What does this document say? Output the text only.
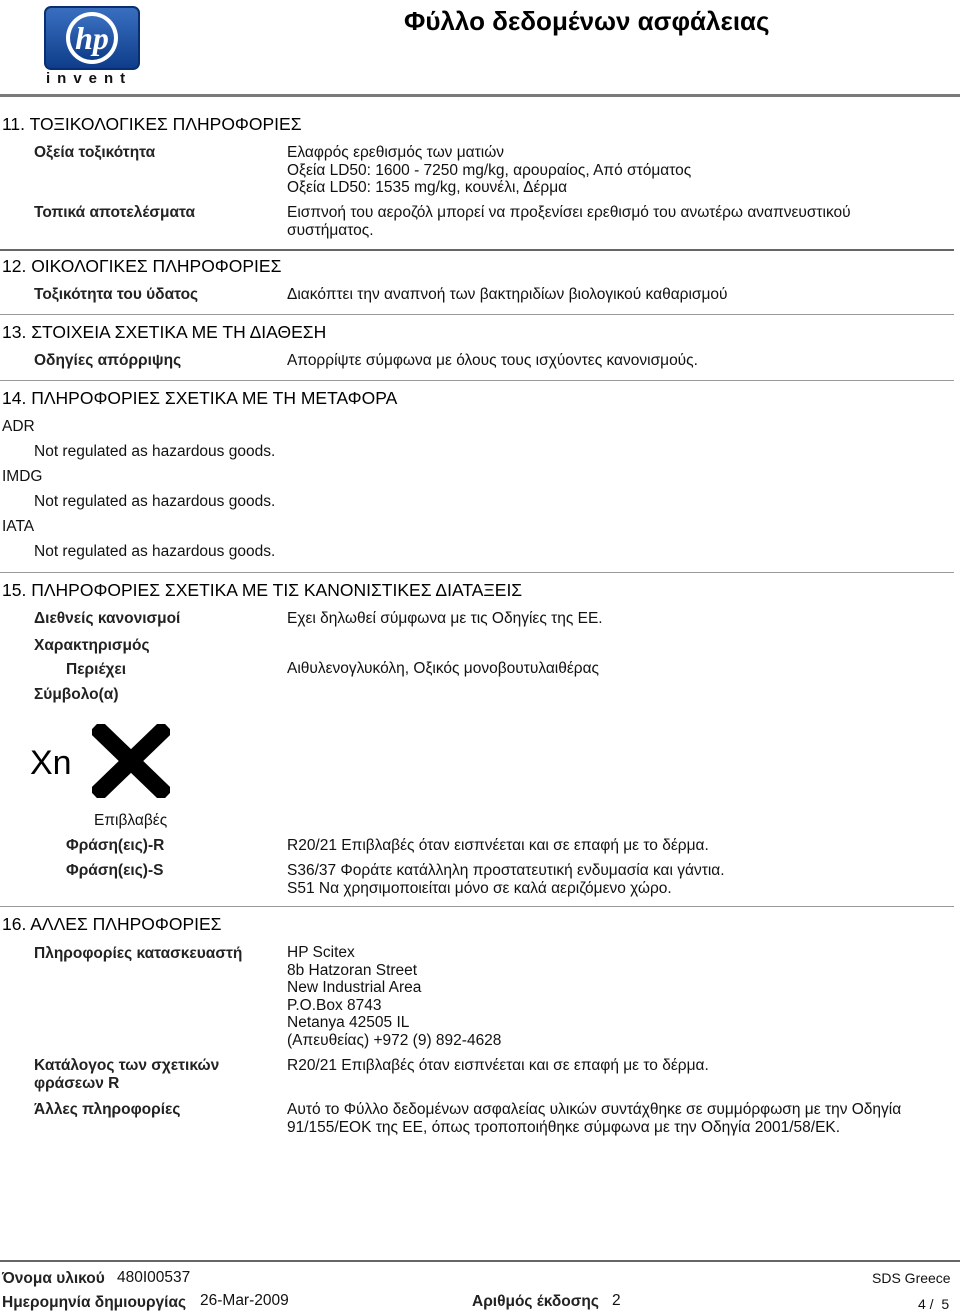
hp
invent
Φύλλο δεδομένων ασφάλειας
11. ΤΟΞΙΚΟΛΟΓΙΚΕΣ ΠΛΗΡΟΦΟΡΙΕΣ
Οξεία τοξικότητα	Ελαφρός ερεθισμός των ματιών
Οξεία LD50: 1600 - 7250 mg/kg, αρουραίος, Από στόματος
Οξεία LD50: 1535 mg/kg, κουνέλι, Δέρμα
Τοπικά αποτελέσματα	Εισπνοή του αεροζόλ μπορεί να προξενίσει ερεθισμό του ανωτέρω αναπνευστικού
συστήματος.
12. ΟΙΚΟΛΟΓΙΚΕΣ ΠΛΗΡΟΦΟΡΙΕΣ
Τοξικότητα του ύδατος	Διακόπτει την αναπνοή των βακτηριδίων βιολογικού καθαρισμού
13. ΣΤΟΙΧΕΙΑ ΣΧΕΤΙΚΑ ΜΕ ΤΗ ΔΙΑΘΕΣΗ
Οδηγίες απόρριψης	Απορρίψτε σύμφωνα με όλους τους ισχύοντες κανονισμούς.
14. ΠΛΗΡΟΦΟΡΙΕΣ ΣΧΕΤΙΚΑ ΜΕ ΤΗ ΜΕΤΑΦΟΡΑ
ADR
Not regulated as hazardous goods.
IMDG
Not regulated as hazardous goods.
IATA
Not regulated as hazardous goods.
15. ΠΛΗΡΟΦΟΡΙΕΣ ΣΧΕΤΙΚΑ ΜΕ ΤΙΣ ΚΑΝΟΝΙΣΤΙΚΕΣ ΔΙΑΤΑΞΕΙΣ
Διεθνείς κανονισμοί	Εχει δηλωθεί σύμφωνα με τις Οδηγίες της ΕΕ.
Χαρακτηρισμός
Περιέχει	Αιθυλενογλυκόλη, Οξικός μονοβουτυλαιθέρας
Σύμβολο(α)
Xn
Επιβλαβές
Φράση(εις)-R	R20/21 Επιβλαβές όταν εισπνέεται και σε επαφή με το δέρμα.
Φράση(εις)-S	S36/37 Φοράτε κατάλληλη προστατευτική ενδυμασία και γάντια.
S51 Να χρησιμοποιείται μόνο σε καλά αεριζόμενο χώρο.
16. ΑΛΛΕΣ ΠΛΗΡΟΦΟΡΙΕΣ
Πληροφορίες κατασκευαστή	HP Scitex
8b Hatzoran Street
New Industrial Area
P.O.Box 8743
Netanya 42505 IL
(Απευθείας) +972 (9) 892-4628
Κατάλογος των σχετικών
φράσεων R
R20/21 Επιβλαβές όταν εισπνέεται και σε επαφή με το δέρμα.
Άλλες πληροφορίες	Αυτό το Φύλλο δεδομένων ασφαλείας υλικών συντάχθηκε σε συμμόρφωση με την Οδηγία
91/155/ΕΟΚ της ΕΕ, όπως τροποποιήθηκε σύμφωνα με την Οδηγία 2001/58/ΕΚ.
Όνομα υλικού 480I00537
Ημερομηνία δημιουργίας 26-Mar-2009	Αριθμός έκδοσης 2
SDS Greece
4 /  5
